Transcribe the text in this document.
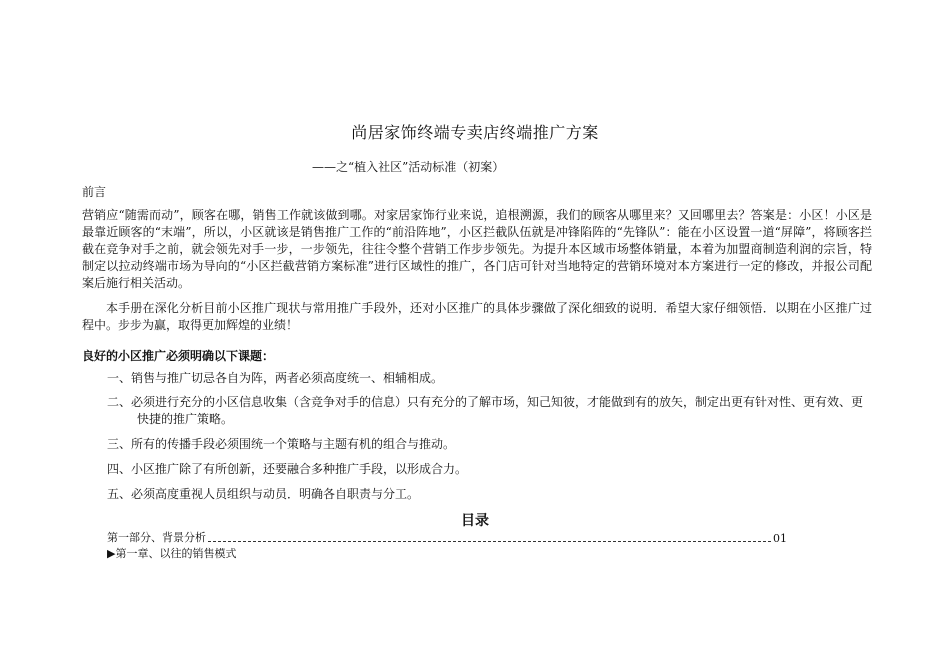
尚居家饰终端专卖店终端推广方案
——之“植入社区”活动标准（初案）
前言
营销应“随需而动”，顾客在哪，销售工作就该做到哪。对家居家饰行业来说，追根溯源，我们的顾客从哪里来？又回哪里去？答案是：小区！小区是最靠近顾客的“末端”，所以，小区就该是销售推广工作的“前沿阵地”，小区拦截队伍就是冲锋陷阵的“先锋队”：能在小区设置一道“屏障”，将顾客拦截在竞争对手之前，就会领先对手一步，一步领先，往往令整个营销工作步步领先。为提升本区域市场整体销量，本着为加盟商制造利润的宗旨，特制定以拉动终端市场为导向的“小区拦截营销方案标准”进行区域性的推广，各门店可针对当地特定的营销环境对本方案进行一定的修改，并报公司配案后施行相关活动。
本手册在深化分析目前小区推广现状与常用推广手段外，还对小区推广的具体步骤做了深化细致的说明．希望大家仔细领悟．以期在小区推广过程中。步步为赢，取得更加辉煌的业绩！
良好的小区推广必须明确以下课题：
一、销售与推广切忌各自为阵，两者必须高度统一、相辅相成。
二、必须进行充分的小区信息收集（含竞争对手的信息）只有充分的了解市场，知己知彼，才能做到有的放矢，制定出更有针对性、更有效、更快捷的推广策略。
三、所有的传播手段必须围统一个策略与主题有机的组合与推动。
四、小区推广除了有所创新，还要融合多种推广手段，以形成合力。
五、必须高度重视人员组织与动员．明确各自职责与分工。
目录
第一部分、背景分析	01
▶第一章、以往的销售模式
